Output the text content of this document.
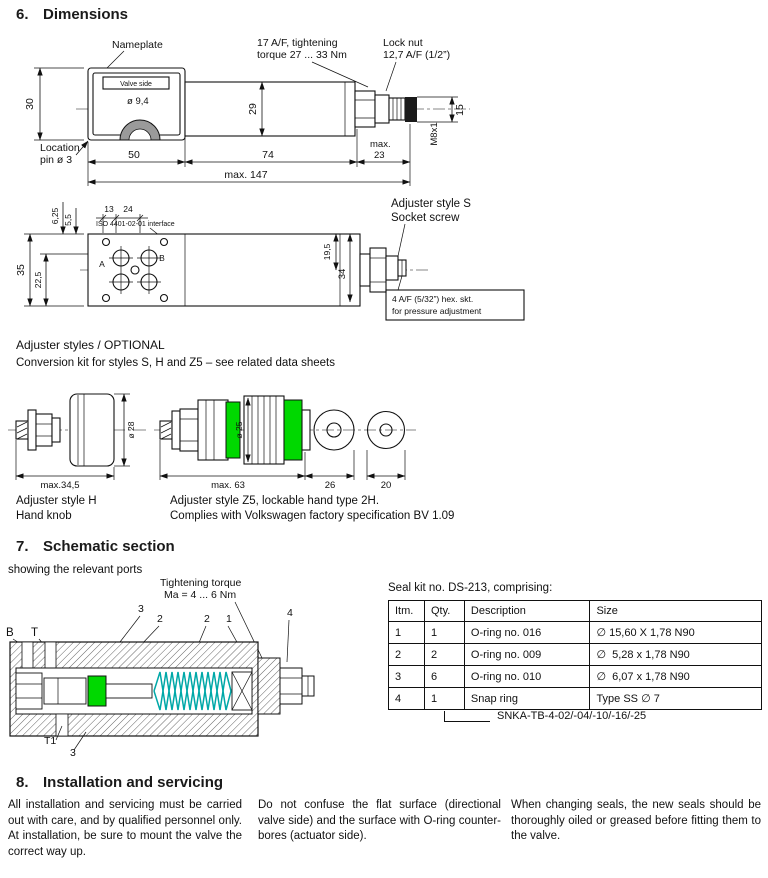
6. Dimensions
Nameplate	17 A/F, tightening
torque 27 ... 33 Nm
Lock nut
12,7 A/F (1/2”)
Valve side
ø 9,4
30	29	15
M8x1
Location
pin ø 3	50	74
max.
23
max. 147
Adjuster style S
Socket screw
13 24
6,25 5,5	ISO 4401-02-01 interface
A
B
35
22,5
19,5
34
4 A/F (5/32”) hex. skt.
for pressure adjustment
Adjuster styles / OPTIONAL
Conversion kit for styles S, H and Z5 – see related data sheets
ø 28
max.34,5
ø 25
max. 63	26	20
Adjuster style H
Hand knob
Adjuster style Z5, lockable hand type 2H.
Complies with Volkswagen factory specification BV 1.09
7. Schematic section
showing the relevant ports
Tightening torque
Ma = 4 ... 6 Nm
3
2	2 1	4
B T
T1
3
Seal kit no. DS-213, comprising:
Itm.	Qty.	Description	Size
1	1	O-ring no. 016	∅ 15,60 X 1,78 N90
2	2	O-ring no. 009	∅  5,28 x 1,78 N90
3	6	O-ring no. 010	∅  6,07 x 1,78 N90
4	1	Snap ring	Type SS ∅ 7
SNKA-TB-4-02/-04/-10/-16/-25
8. Installation and servicing
All installation and servicing must be carried out with care, and by qualified personnel only. At installation, be sure to mount the valve the correct way up.
Do not confuse the flat surface (directional valve side) and the surface with O-ring counter-bores (actuator side).
When changing seals, the new seals should be thoroughly oiled or greased before fitting them to the valve.
